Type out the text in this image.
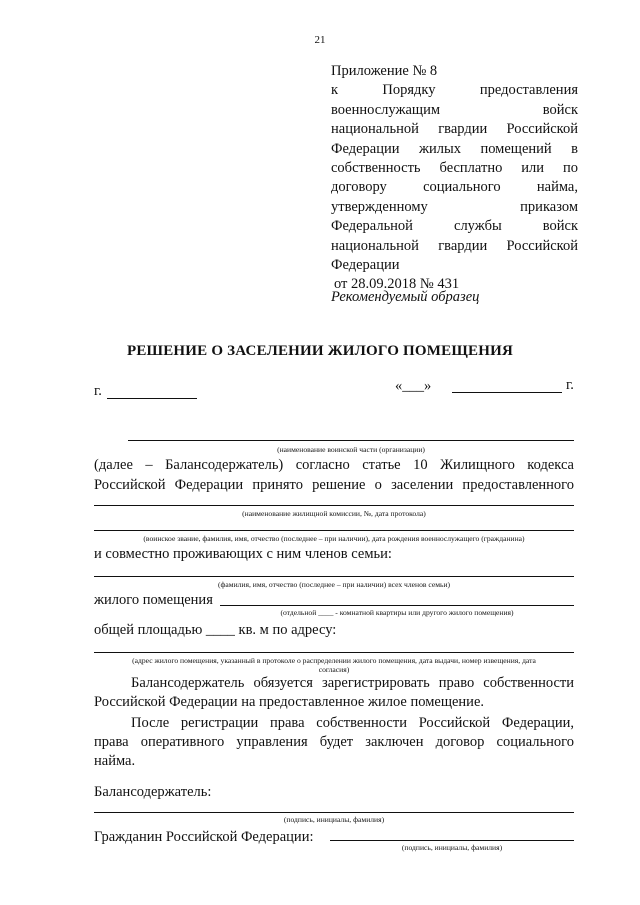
21
Приложение № 8
к Порядку предоставления
военнослужащим войск
национальной гвардии Российской
Федерации жилых помещений в
собственность бесплатно или по
договору социального найма,
утвержденному приказом
Федеральной службы войск
национальной гвардии Российской
Федерации
от 28.09.2018 № 431
Рекомендуемый образец
РЕШЕНИЕ О ЗАСЕЛЕНИИ ЖИЛОГО ПОМЕЩЕНИЯ
г.	«___»	г.
(наименование воинской части (организации)
(далее – Балансодержатель) согласно статье 10 Жилищного кодекса
Российской Федерации принято решение о заселении предоставленного
(наименование жилищной комиссии, №, дата протокола)
(воинское звание, фамилия, имя, отчество (последнее – при наличии), дата рождения военнослужащего (гражданина)
и совместно проживающих с ним членов семьи:
(фамилия, имя, отчество (последнее – при наличии) всех членов семьи)
жилого помещения
(отдельной ____ - комнатной квартиры или другого жилого помещения)
общей площадью ____ кв. м по адресу:
(адрес жилого помещения, указанный в протоколе о распределении жилого помещения, дата выдачи, номер извещения, дата
согласия)
Балансодержатель обязуется зарегистрировать право собственности
Российской Федерации на предоставленное жилое помещение.
После регистрации права собственности Российской Федерации,
права оперативного управления будет заключен договор социального
найма.
Балансодержатель:
(подпись, инициалы, фамилия)
Гражданин Российской Федерации:
(подпись, инициалы, фамилия)
